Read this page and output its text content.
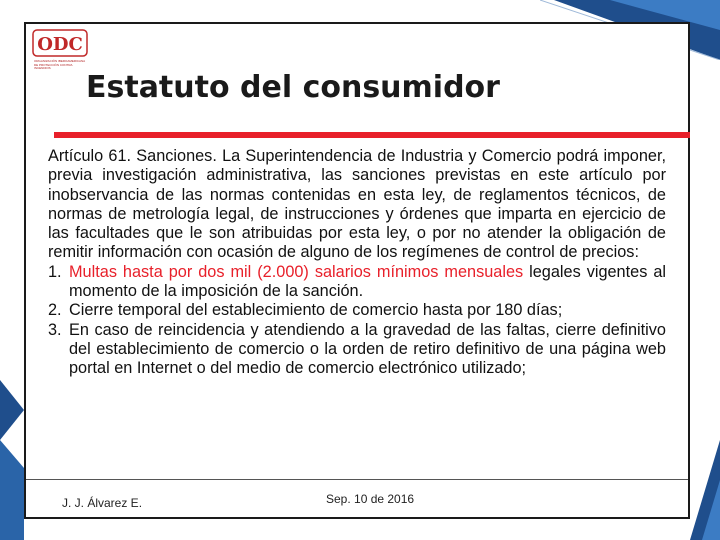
ODC
ORGANIZACIÓN IBEROAMERICANA DE PROTECCIÓN CONTRA INCENDIOS
Estatuto del consumidor

Artículo 61. Sanciones. La Superintendencia de Industria y Comercio podrá imponer, previa investigación administrativa, las sanciones previstas en este artículo por inobservancia de las normas contenidas en esta ley, de reglamentos técnicos, de normas de metrología legal, de instrucciones y órdenes que imparta en ejercicio de las facultades que le son atribuidas por esta ley, o por no atender la obligación de remitir información con ocasión de alguno de los regímenes de control de precios:

1. Multas hasta por dos mil (2.000) salarios mínimos mensuales legales vigentes al momento de la imposición de la sanción.
2. Cierre temporal del establecimiento de comercio hasta por 180 días;
3. En caso de reincidencia y atendiendo a la gravedad de las faltas, cierre definitivo del establecimiento de comercio o la orden de retiro definitivo de una página web portal en Internet o del medio de comercio electrónico utilizado;
J. J. Álvarez E.	Sep. 10 de 2016
